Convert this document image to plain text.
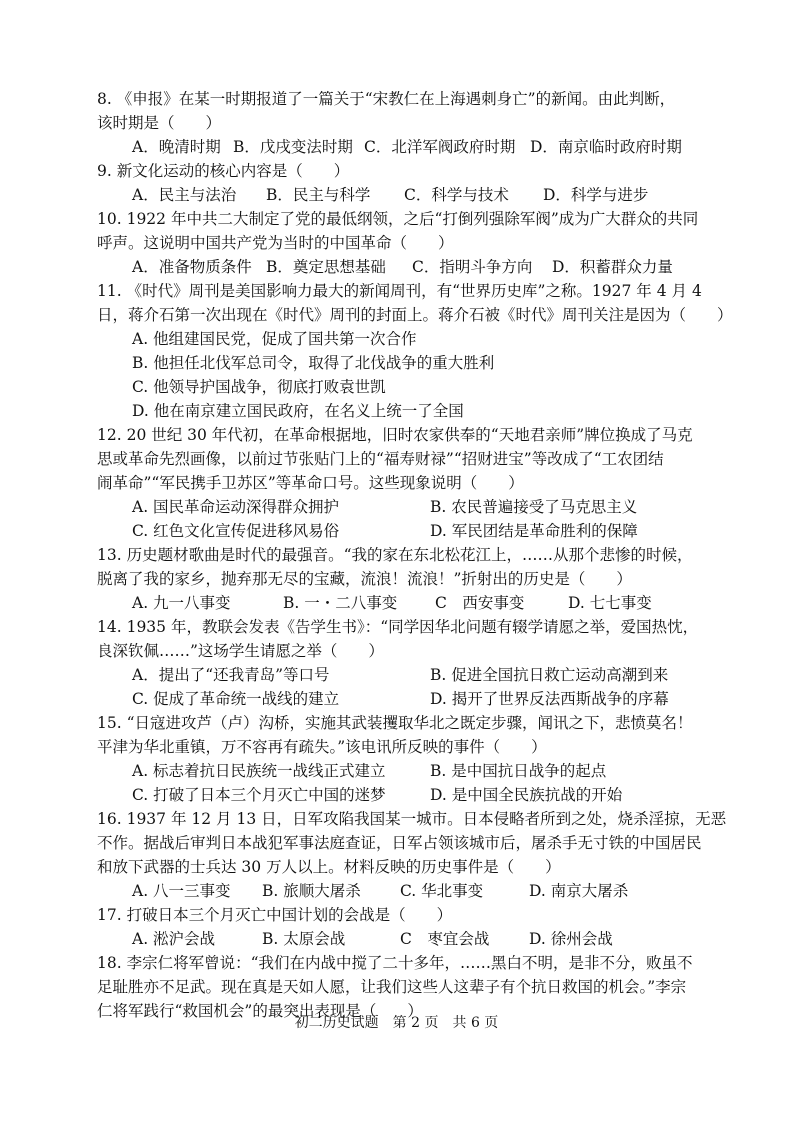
8. 《申报》在某一时期报道了一篇关于“宋教仁在上海遇刺身亡”的新闻。由此判断，
该时期是（　　）
A．晚清时期 B．戊戌变法时期 C．北洋军阀政府时期 D．南京临时政府时期
9. 新文化运动的核心内容是（　　）
A．民主与法治 B．民主与科学 C．科学与技术 D．科学与进步
10. 1922 年中共二大制定了党的最低纲领，之后“打倒列强除军阀”成为广大群众的共同
呼声。这说明中国共产党为当时的中国革命（　　）
A．准备物质条件 B．奠定思想基础 C．指明斗争方向 D．积蓄群众力量
11. 《时代》周刊是美国影响力最大的新闻周刊，有“世界历史库”之称。1927 年 4 月 4
日，蒋介石第一次出现在《时代》周刊的封面上。蒋介石被《时代》周刊关注是因为（　　）
A. 他组建国民党，促成了国共第一次合作
B. 他担任北伐军总司令，取得了北伐战争的重大胜利
C. 他领导护国战争，彻底打败袁世凯
D. 他在南京建立国民政府，在名义上统一了全国
12. 20 世纪 30 年代初，在革命根据地，旧时农家供奉的“天地君亲师”牌位换成了马克
思或革命先烈画像，以前过节张贴门上的“福寿财禄”“招财进宝”等改成了“工农团结
闹革命”“军民携手卫苏区”等革命口号。这些现象说明（　　）
A. 国民革命运动深得群众拥护	B. 农民普遍接受了马克思主义
C. 红色文化宣传促进移风易俗	D. 军民团结是革命胜利的保障
13. 历史题材歌曲是时代的最强音。“我的家在东北松花江上，……从那个悲惨的时候，
脱离了我的家乡，抛弃那无尽的宝藏，流浪！流浪！”折射出的历史是（　　）
A. 九一八事变	B. 一・二八事变 C　西安事变	D. 七七事变
14. 1935 年，教联会发表《告学生书》：“同学因华北问题有辍学请愿之举，爱国热忱，
良深钦佩……”这场学生请愿之举（　　）
A．提出了“还我青岛”等口号	B. 促进全国抗日救亡运动高潮到来
C. 促成了革命统一战线的建立	D. 揭开了世界反法西斯战争的序幕
15. “日寇进攻芦（卢）沟桥，实施其武装攫取华北之既定步骤，闻讯之下，悲愤莫名！
平津为华北重镇，万不容再有疏失。”该电讯所反映的事件（　　）
A. 标志着抗日民族统一战线正式建立	B. 是中国抗日战争的起点
C. 打破了日本三个月灭亡中国的迷梦	D. 是中国全民族抗战的开始
16. 1937 年 12 月 13 日，日军攻陷我国某一城市。日本侵略者所到之处，烧杀淫掠，无恶
不作。据战后审判日本战犯军事法庭查证，日军占领该城市后，屠杀手无寸铁的中国居民
和放下武器的士兵达 30 万人以上。材料反映的历史事件是（　　）
A. 八一三事变 B. 旅顺大屠杀	C. 华北事变	D. 南京大屠杀
17. 打破日本三个月灭亡中国计划的会战是（　　）
A. 淞沪会战	B. 太原会战	C　枣宜会战	D. 徐州会战
18. 李宗仁将军曾说：“我们在内战中搅了二十多年，……黑白不明，是非不分，败虽不
足耻胜亦不足武。现在真是天如人愿，让我们这些人这辈子有个抗日救国的机会。”李宗
仁将军践行“救国机会”的最突出表现是（　　）
初二历史试题　第 2 页　共 6 页
